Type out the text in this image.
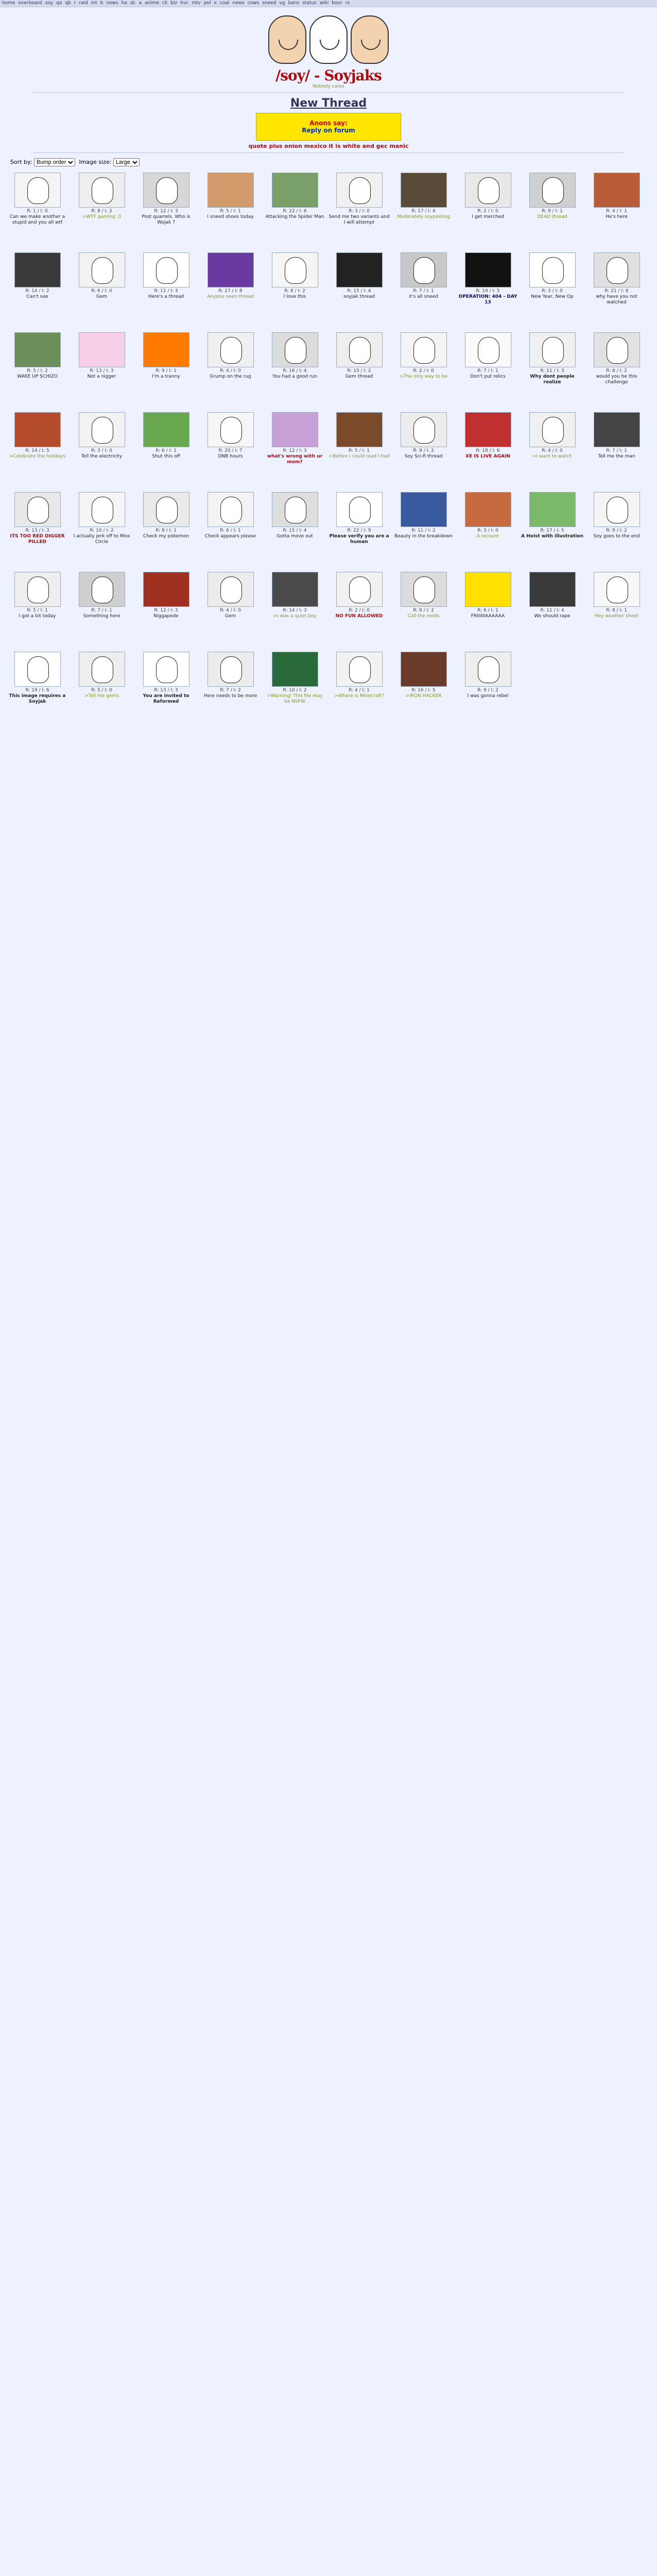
home overboard soy qa qb r raid int b news ha dc a anime ck biz hvc mtv pol x coal news cows sneed vg bans status wiki boor rs
/soy/ - Soyjaks
Nobody cares
New Thread
Anons say:
Reply on forum
quote plus onion mexico it is white and gec manic
Sort by:
Bump order	Image size:
Large
R: 1 / I: 0
Can we make another a stupid and you all wtf
R: 8 / I: 2
>WTF gaming :3
R: 12 / I: 3
Post quarrels. Who is Wojak ?
R: 5 / I: 1
I sneed shoes today
R: 22 / I: 6
Attacking the Spider Man
R: 3 / I: 0
Send me two variants and I will attempt
R: 17 / I: 4
Moderately soyposting
R: 2 / I: 0
I get merched
R: 9 / I: 1
DEAD thread
R: 4 / I: 1
He's here
R: 14 / I: 2
Can't see
R: 6 / I: 0
Gem
R: 11 / I: 3
Here's a thread
R: 27 / I: 8
Anyone seen thread
R: 8 / I: 2
I love this
R: 15 / I: 4
soyjak thread
R: 7 / I: 1
it's all sneed
R: 19 / I: 5
OPERATION: 404 - DAY 13
R: 3 / I: 0
New Year, New Op
R: 21 / I: 6
why have you not watched
R: 5 / I: 2
WAKE UP SCHIZO
R: 13 / I: 3
Not a nigger
R: 9 / I: 1
I'm a tranny
R: 4 / I: 0
Grump on the rug
R: 16 / I: 4
You had a good run
R: 10 / I: 2
Gem thread
R: 2 / I: 0
>The only way to be
R: 7 / I: 1
Don't put relics
R: 11 / I: 3
Why dont people realize
R: 8 / I: 2
would you be this challenge
R: 14 / I: 5
>Celebrate the holidays
R: 3 / I: 0
Tell the electricity
R: 6 / I: 1
Shut this off
R: 20 / I: 7
DNB hours
R: 12 / I: 3
what's wrong with ur mom?
R: 5 / I: 1
>Before I could read I had
R: 9 / I: 2
Soy Sci-fi thread
R: 18 / I: 6
XE IS LIVE AGAIN
R: 4 / I: 0
>I want to watch
R: 7 / I: 1
Tell me the man
R: 13 / I: 3
ITS TOO RED DIGGER PILLED
R: 10 / I: 2
I actually jerk off to Miss Circle
R: 8 / I: 1
Check my pokemon
R: 6 / I: 1
Check appears please
R: 15 / I: 4
Gotta move out
R: 22 / I: 9
Please verify you are a human
R: 11 / I: 2
Beauty in the breakdown
R: 3 / I: 0
A recount
R: 17 / I: 5
A Hoist with illustration
R: 9 / I: 2
Soy goes to the end
R: 5 / I: 1
I got a bit today
R: 7 / I: 1
Something here
R: 12 / I: 3
Niggapede
R: 4 / I: 0
Gem
R: 14 / I: 3
>I was a quiet boy
R: 2 / I: 0
NO FUN ALLOWED
R: 9 / I: 2
Call the mods
R: 6 / I: 1
FRIIIIIIAAAAAA
R: 11 / I: 4
We should rape
R: 8 / I: 1
Hey weather sheet
R: 19 / I: 6
This image requires a Soyjak
R: 5 / I: 0
>Tell me gems
R: 13 / I: 3
You are invited to Reformed
R: 7 / I: 2
Here needs to be more
R: 10 / I: 2
>Warning! This file may be NSFW
R: 4 / I: 1
>Where is Minecraft?
R: 16 / I: 5
>IRON HACKER
R: 9 / I: 2
I was gonna rebel
